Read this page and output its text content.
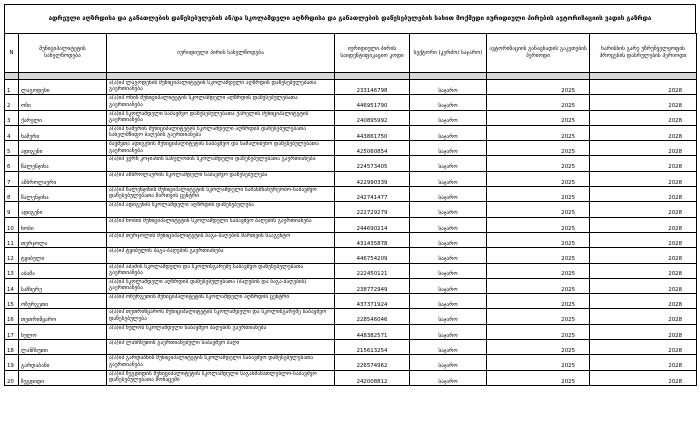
ადრეული აღზრდისა და განათლების დაწესებულების ან/და სკოლამდელი აღზრდისა და განათლების დაწესებულების სახით მოქმედი იურიდიული პირების ავტორიზაციის ვადის გაზრდა
N	მუნიციპალიტეტის სახელწოდება	იურიდიული პირის სახელწოდება	იურიდიული პირის საიდენტიფიკაციო კოდი	სექტორი (კერძო/ საჯარო)	ავტორიზაციის განაცხადის გაკეთების პერიოდი	ხარისხის გარე უზრუნველყოფის პროცესის დასრულების პერიოდი

1	ლაგოდეხი	ა(ა)იპ ლაგოდეხის მუნიციპალიტეტის სკოლამდელი აღზრდის დაწესებულებათა გაერთიანება	233146798	საჯარო	2025	2028
2	ონი	ა(ა)იპ ონის მუნიციპალიტეტის სკოლამდელი აღზრდის დაწესებულებათა გაერთიანება	446951790	საჯარო	2025	2028
3	ქარელი	ა(ა)იპ სკოლამდელი საბავშვო დაწესებულებათა ქარელის მუნიციპალიტეტის გაერთიანება	240895992	საჯარო	2025	2028
4	ხაშური	ა(ა)იპ ხაშურის მუნიციპალიტეტის სკოლამდელი აღზრდის დაწესებულებათა სახელმწიფო ბაღების გაერთიანება	443861750	საჯარო	2025	2028
5	ადიგენი	ბავშვთა ადიგენის მუნიციპალიტეტის საბავშვო და სამალიბენო დაწესებულებათა გაერთიანება	425060854	საჯარო	2025	2028
6	წალენჯიხა	ა(ა)იპ ვერხ კოჯიანის სახელობის სკოლამდელი დაწესებულებათა გაერთიანება	224573405	საჯარო	2025	2028
7	ამბროლაური	ა(ა)იპ ამბროლაურის სკოლამდელი საბავშვო დაწესებულება	422990339	საჯარო	2025	2028
8	წალენჯიხა	ა(ა)იპ წალენჯიხის მუნიციპალიტეტის სკოლამდელი სამანმსახურეობო-საბავშვო დაწესებულებათა მართვის ცენტრი	242741477	საჯარო	2025	2028
9	ადიგენი	ა(ა)იპ ადიგენის სკოლამდელი აღზრდის დაწესებულება	222729279	საჯარო	2025	2028
10	ხობი	ა(ა)იპ ხობის მუნიციპალიტეტის სკოლამდელი საბავშვო ბაღების გაერთიანება	244690214	საჯარო	2025	2028
11	თერჯოლა	ა(ა)იპ თერჯოლის მუნიციპალიტეტის ბაგა-ბაღების მართვის სააგენტო	431435878	საჯარო	2025	2028
12	ტყიბული	ა(ა)იპ ტყიბულის ბაგა-ბაღების გაერთიანება	446754209	საჯარო	2025	2028
13	აბაშა	ა(ა)იპ აბაშის სკოლამდელი და სკოლისგარეშე საბავშვო დაწესებულებათა გაერთიანება	222450121	საჯარო	2025	2028
14	საჩხერე	ა(ა)იპ სკოლამდელი აღზრდის დაწესებულებათა (ბაღების და ბაგა-ბაღების) გაერთიანება	238772949	საჯარო	2025	2028
15	ოზურგეთი	ა(ა)იპ ოზურგეთის მუნიციპალიტეტის სკოლამდელი აღზრდის ცენტრი	437371924	საჯარო	2025	2028
16	თეთრიწყარო	ა(ა)იპ თეთრიწყაროს მუნიციპალიტეტის სკოლამდელი და სკოლისგარეშე საბავშვო დაწესებულება	228546046	საჯარო	2025	2028
17	ხულო	ა(ა)იპ ხულოს სკოლამდელი საბავშვო ბაღების გაერთიანება	448382571	საჯარო	2025	2028
18	ლანჩხუთი	ა(ა)იპ ლანჩხუთის გაერთიანებული საბავშვო ბაღი	215613254	საჯარო	2025	2028
19	გარდაბანი	ა(ა)იპ გარდაბნის მუნიციპალიტეტის სკოლამდელი საბავშვო დაწესებულებათა გაერთიანება	226574962	საჯარო	2025	2028
20	ზუგდიდი	ა(ა)იპ ზუგდიდის მუნიციპალიტეტის სკოლამდელი საგანმანათლებლო-საბავშვო დაწესებულებათა მონაცემი	242008812	საჯარო	2025	2028
